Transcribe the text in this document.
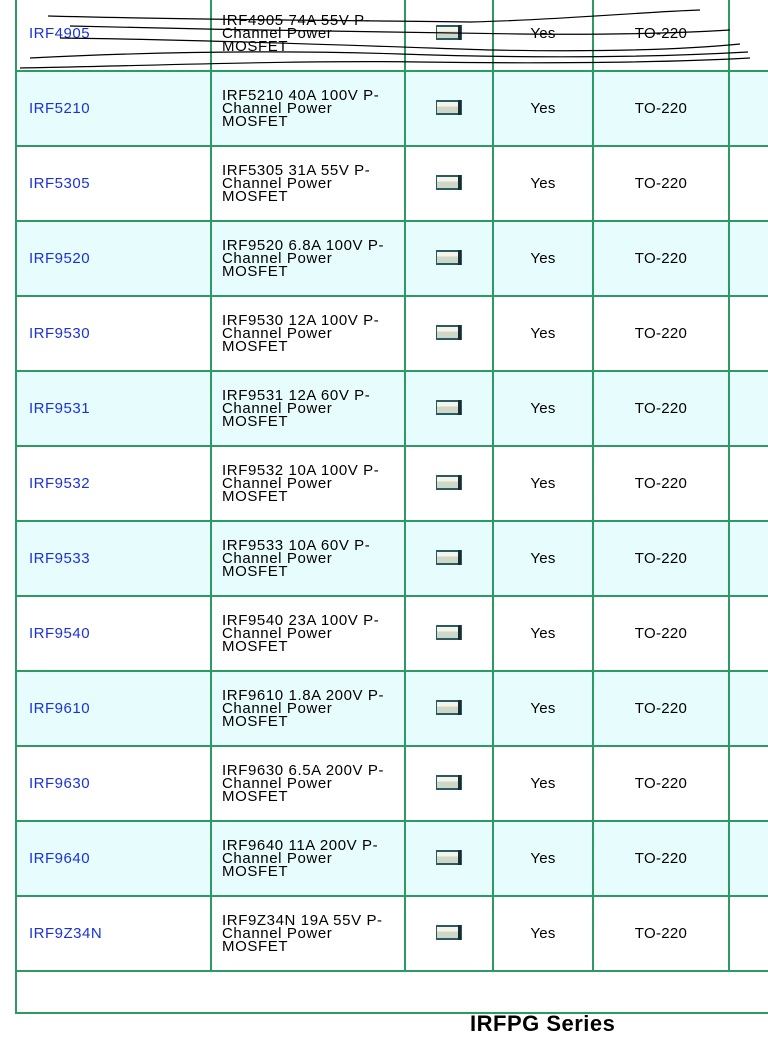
IRF4905	IRF4905 74A 55V P-Channel Power MOSFET		Yes	TO-220	
IRF5210	IRF5210 40A 100V P-Channel Power MOSFET		Yes	TO-220	
IRF5305	IRF5305 31A 55V P-Channel Power MOSFET		Yes	TO-220	
IRF9520	IRF9520 6.8A 100V P-Channel Power MOSFET		Yes	TO-220	
IRF9530	IRF9530 12A 100V P-Channel Power MOSFET		Yes	TO-220	
IRF9531	IRF9531 12A 60V P-Channel Power MOSFET		Yes	TO-220	
IRF9532	IRF9532 10A 100V P-Channel Power MOSFET		Yes	TO-220	
IRF9533	IRF9533 10A 60V P-Channel Power MOSFET		Yes	TO-220	
IRF9540	IRF9540 23A 100V P-Channel Power MOSFET		Yes	TO-220	
IRF9610	IRF9610 1.8A 200V P-Channel Power MOSFET		Yes	TO-220	
IRF9630	IRF9630 6.5A 200V P-Channel Power MOSFET		Yes	TO-220	
IRF9640	IRF9640 11A 200V P-Channel Power MOSFET		Yes	TO-220	
IRF9Z34N	IRF9Z34N 19A 55V P-Channel Power MOSFET		Yes	TO-220	

IRFPG Series
